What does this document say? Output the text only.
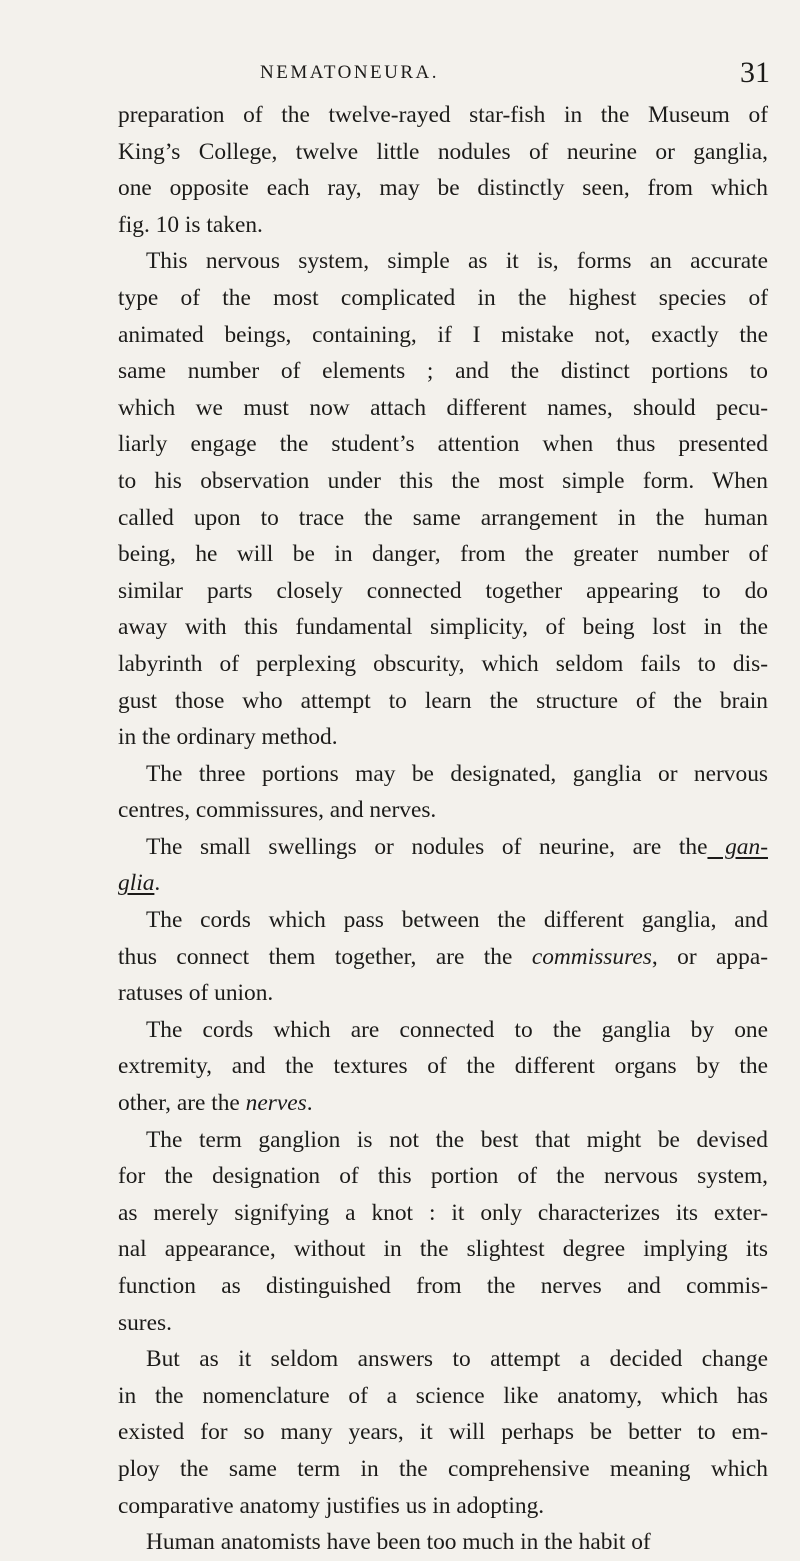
NEMATONEURA.	31
preparation of the twelve-rayed star-fish in the Museum of
King’s College, twelve little nodules of neurine or ganglia,
one opposite each ray, may be distinctly seen, from which
fig. 10 is taken.
This nervous system, simple as it is, forms an accurate
type of the most complicated in the highest species of
animated beings, containing, if I mistake not, exactly the
same number of elements ; and the distinct portions to
which we must now attach different names, should pecu-
liarly engage the student’s attention when thus presented
to his observation under this the most simple form. When
called upon to trace the same arrangement in the human
being, he will be in danger, from the greater number of
similar parts closely connected together appearing to do
away with this fundamental simplicity, of being lost in the
labyrinth of perplexing obscurity, which seldom fails to dis-
gust those who attempt to learn the structure of the brain
in the ordinary method.
The three portions may be designated, ganglia or nervous
centres, commissures, and nerves.
The small swellings or nodules of neurine, are the gan-
glia.
The cords which pass between the different ganglia, and
thus connect them together, are the commissures, or appa-
ratuses of union.
The cords which are connected to the ganglia by one
extremity, and the textures of the different organs by the
other, are the nerves.
The term ganglion is not the best that might be devised
for the designation of this portion of the nervous system,
as merely signifying a knot : it only characterizes its exter-
nal appearance, without in the slightest degree implying its
function as distinguished from the nerves and commis-
sures.
But as it seldom answers to attempt a decided change
in the nomenclature of a science like anatomy, which has
existed for so many years, it will perhaps be better to em-
ploy the same term in the comprehensive meaning which
comparative anatomy justifies us in adopting.
Human anatomists have been too much in the habit of
